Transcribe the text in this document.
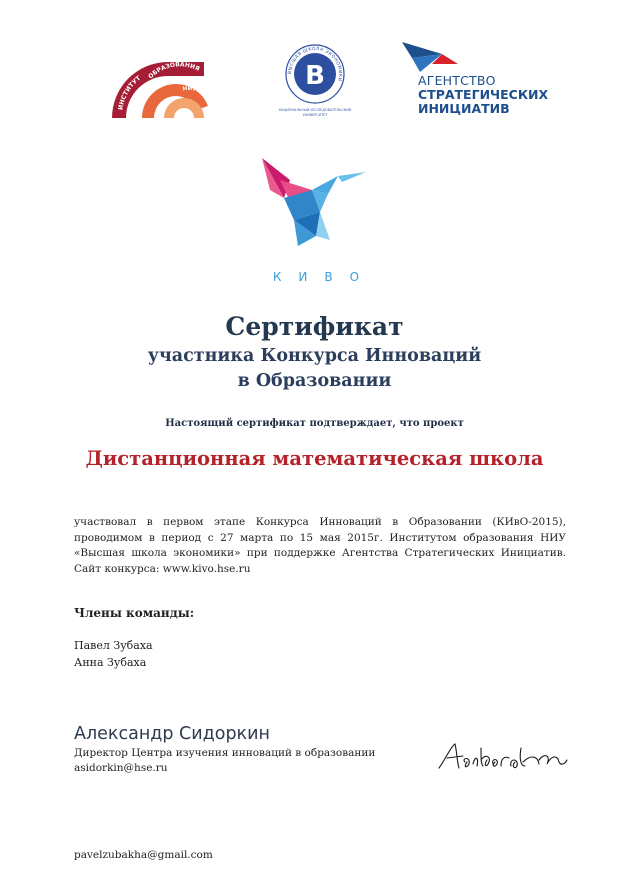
ИНСТИТУТ ОБРАЗОВАНИЯ
НИУ ВШЭ
В
ВЫСШАЯ ШКОЛА ЭКОНОМИКИ
НАЦИОНАЛЬНЫЙ ИССЛЕДОВАТЕЛЬСКИЙ
УНИВЕРСИТЕТ
АГЕНТСТВО
СТРАТЕГИЧЕСКИХ
ИНИЦИАТИВ
КИВО
Сертификат
участника Конкурса Инноваций
в Образовании
Настоящий сертификат подтверждает, что проект
Дистанционная математическая школа
участвовал в первом этапе Конкурса Инноваций в Образовании (КИвО-2015),
проводимом в период с 27 марта по 15 мая 2015г. Институтом образования НИУ
«Высшая школа экономики» при поддержке Агентства Стратегических Инициатив.
Сайт конкурса: www.kivo.hse.ru
Члены команды:
Павел Зубаха
Анна Зубаха
Александр Сидоркин
Директор Центра изучения инноваций в образовании
asidorkin@hse.ru
pavelzubakha@gmail.com
